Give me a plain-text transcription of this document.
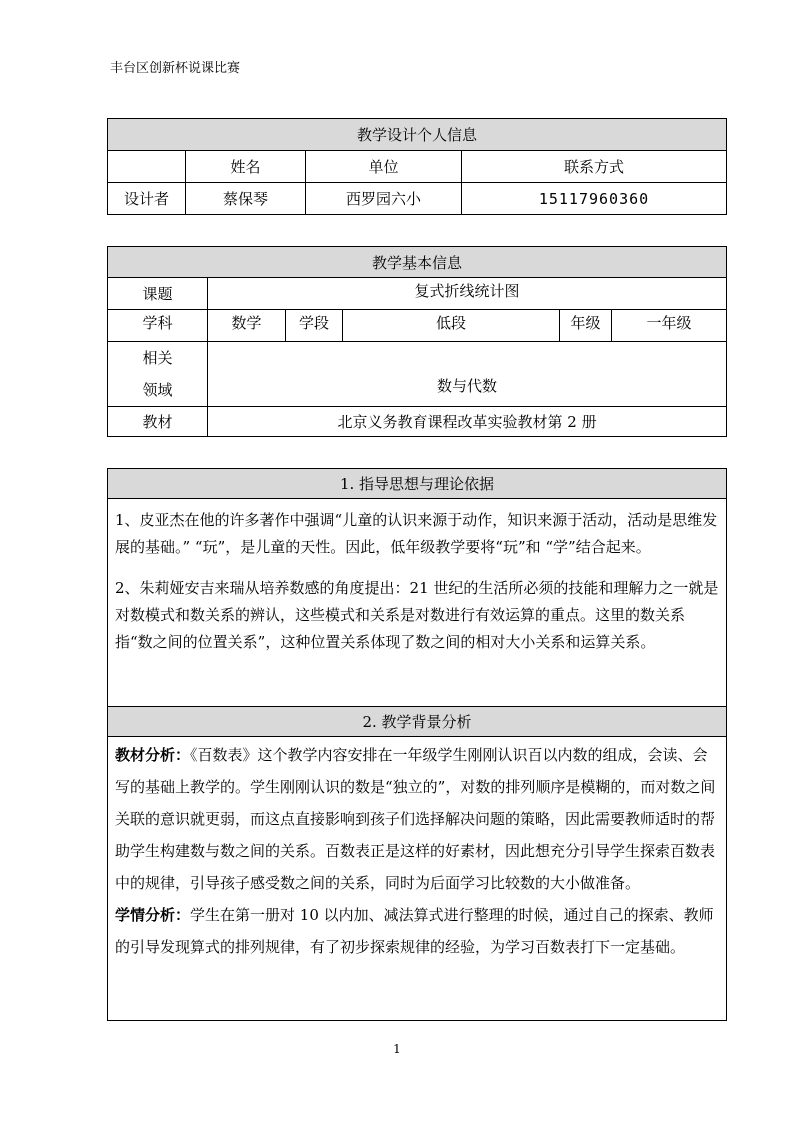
丰台区创新杯说课比赛
教学设计个人信息			
	姓名	单位	联系方式
设计者	蔡保琴	西罗园六小	15117960360
教学基本信息					
课题	复式折线统计图				
学科	数学	学段	低段	年级	一年级

相关
领域	数与代数				
教材	北京义务教育课程改革实验教材第 2 册				
1. 指导思想与理论依据

1、皮亚杰在他的许多著作中强调“儿童的认识来源于动作，知识来源于活动，活动是思维发展的基础。” “玩”，是儿童的天性。因此，低年级教学要将“玩”和 “学”结合起来。

2、朱莉娅安吉来瑞从培养数感的角度提出：21 世纪的生活所必须的技能和理解力之一就是对数模式和数关系的辨认，这些模式和关系是对数进行有效运算的重点。这里的数关系指“数之间的位置关系”，这种位置关系体现了数之间的相对大小关系和运算关系。

2. 教学背景分析

教材分析：《百数表》这个教学内容安排在一年级学生刚刚认识百以内数的组成，会读、会写的基础上教学的。学生刚刚认识的数是“独立的”，对数的排列顺序是模糊的，而对数之间关联的意识就更弱，而这点直接影响到孩子们选择解决问题的策略，因此需要教师适时的帮助学生构建数与数之间的关系。百数表正是这样的好素材，因此想充分引导学生探索百数表中的规律，引导孩子感受数之间的关系，同时为后面学习比较数的大小做准备。

学情分析：学生在第一册对 10 以内加、减法算式进行整理的时候，通过自己的探索、教师的引导发现算式的排列规律，有了初步探索规律的经验，为学习百数表打下一定基础。

1
